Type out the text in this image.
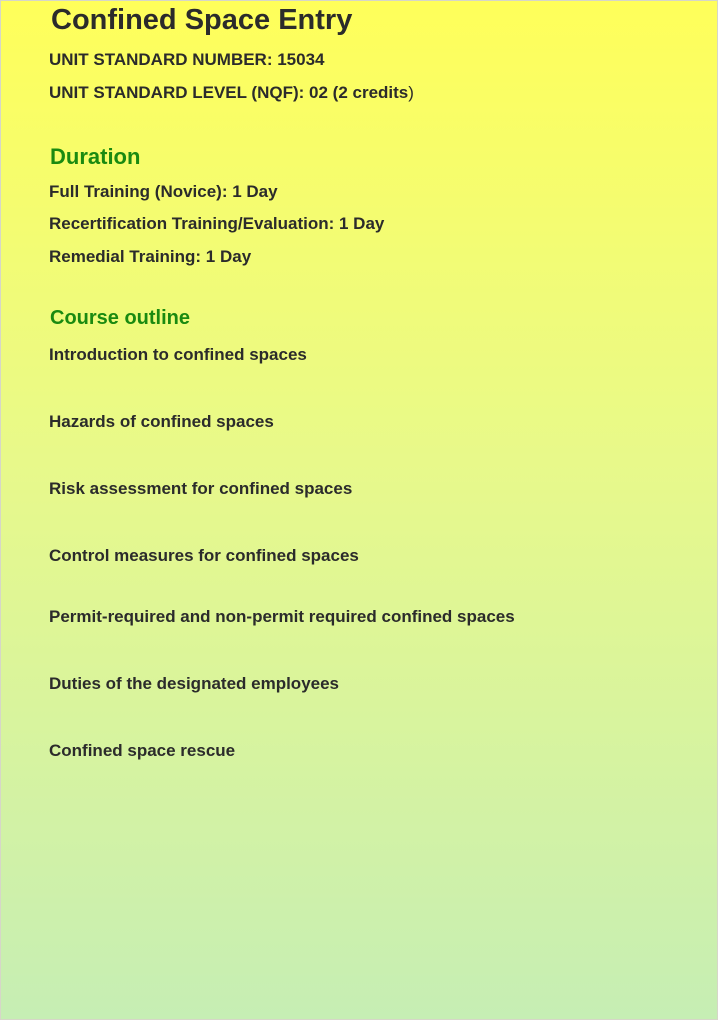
Confined Space Entry

UNIT STANDARD NUMBER: 15034

UNIT STANDARD LEVEL (NQF): 02 (2 credits)

Duration

Full Training (Novice): 1 Day

Recertification Training/Evaluation: 1 Day

Remedial Training: 1 Day

Course outline

Introduction to confined spaces

Hazards of confined spaces

Risk assessment for confined spaces

Control measures for confined spaces

Permit-required and non-permit required confined spaces

Duties of the designated employees

Confined space rescue
